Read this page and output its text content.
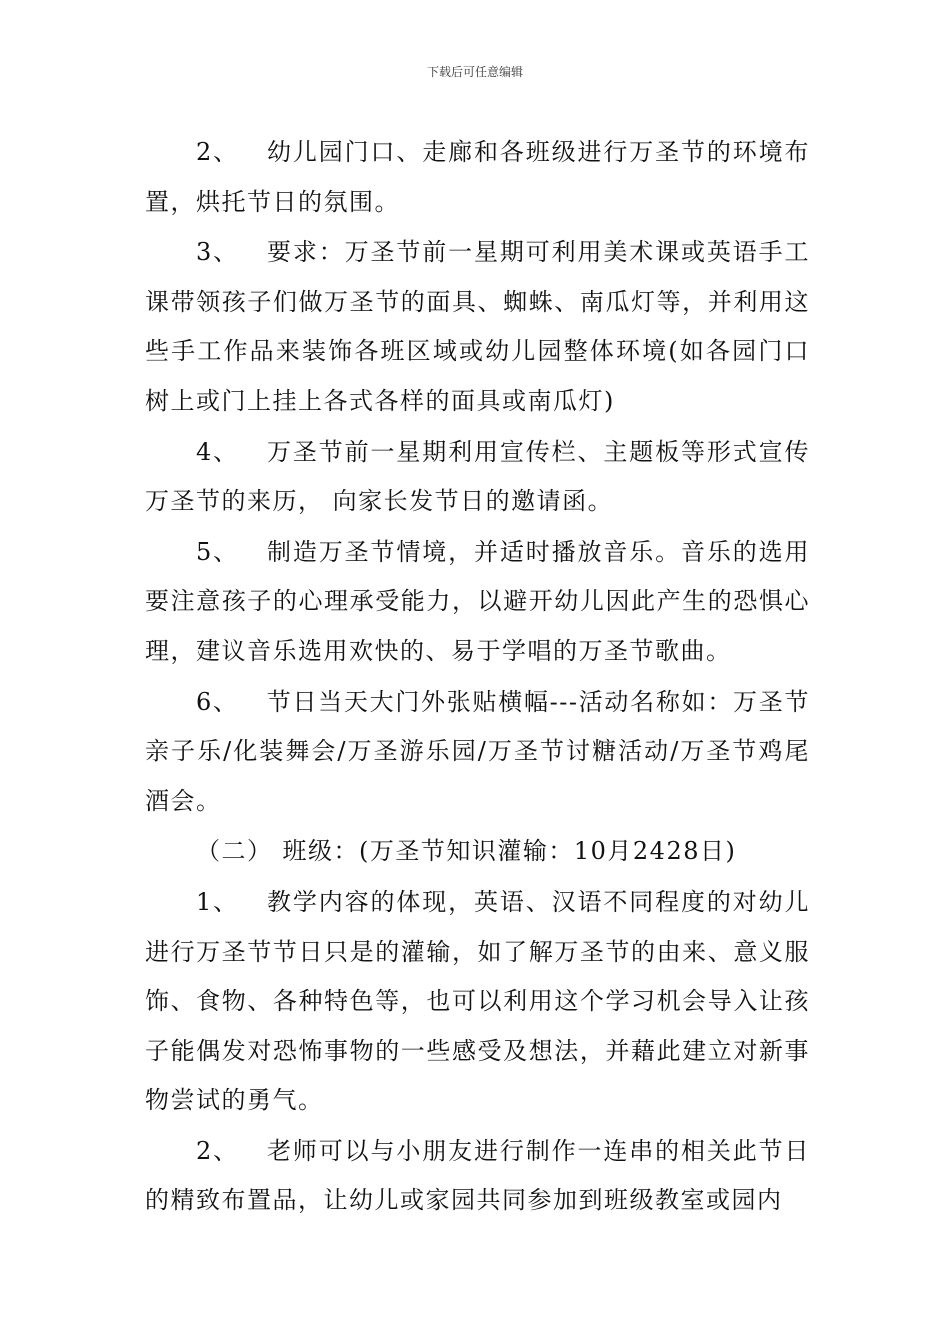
下载后可任意编辑

2、 幼儿园门口、走廊和各班级进行万圣节的环境布置，烘托节日的氛围。

3、 要求：万圣节前一星期可利用美术课或英语手工课带领孩子们做万圣节的面具、蜘蛛、南瓜灯等，并利用这些手工作品来装饰各班区域或幼儿园整体环境(如各园门口树上或门上挂上各式各样的面具或南瓜灯)

4、 万圣节前一星期利用宣传栏、主题板等形式宣传万圣节的来历， 向家长发节日的邀请函。

5、 制造万圣节情境，并适时播放音乐。音乐的选用要注意孩子的心理承受能力，以避开幼儿因此产生的恐惧心理，建议音乐选用欢快的、易于学唱的万圣节歌曲。

6、 节日当天大门外张贴横幅---活动名称如：万圣节亲子乐/化装舞会/万圣游乐园/万圣节讨糖活动/万圣节鸡尾酒会。

（二） 班级：(万圣节知识灌输：10月2428日)

1、 教学内容的体现，英语、汉语不同程度的对幼儿进行万圣节节日只是的灌输，如了解万圣节的由来、意义服饰、食物、各种特色等，也可以利用这个学习机会导入让孩子能偶发对恐怖事物的一些感受及想法，并藉此建立对新事物尝试的勇气。

2、 老师可以与小朋友进行制作一连串的相关此节日的精致布置品，让幼儿或家园共同参加到班级教室或园内
